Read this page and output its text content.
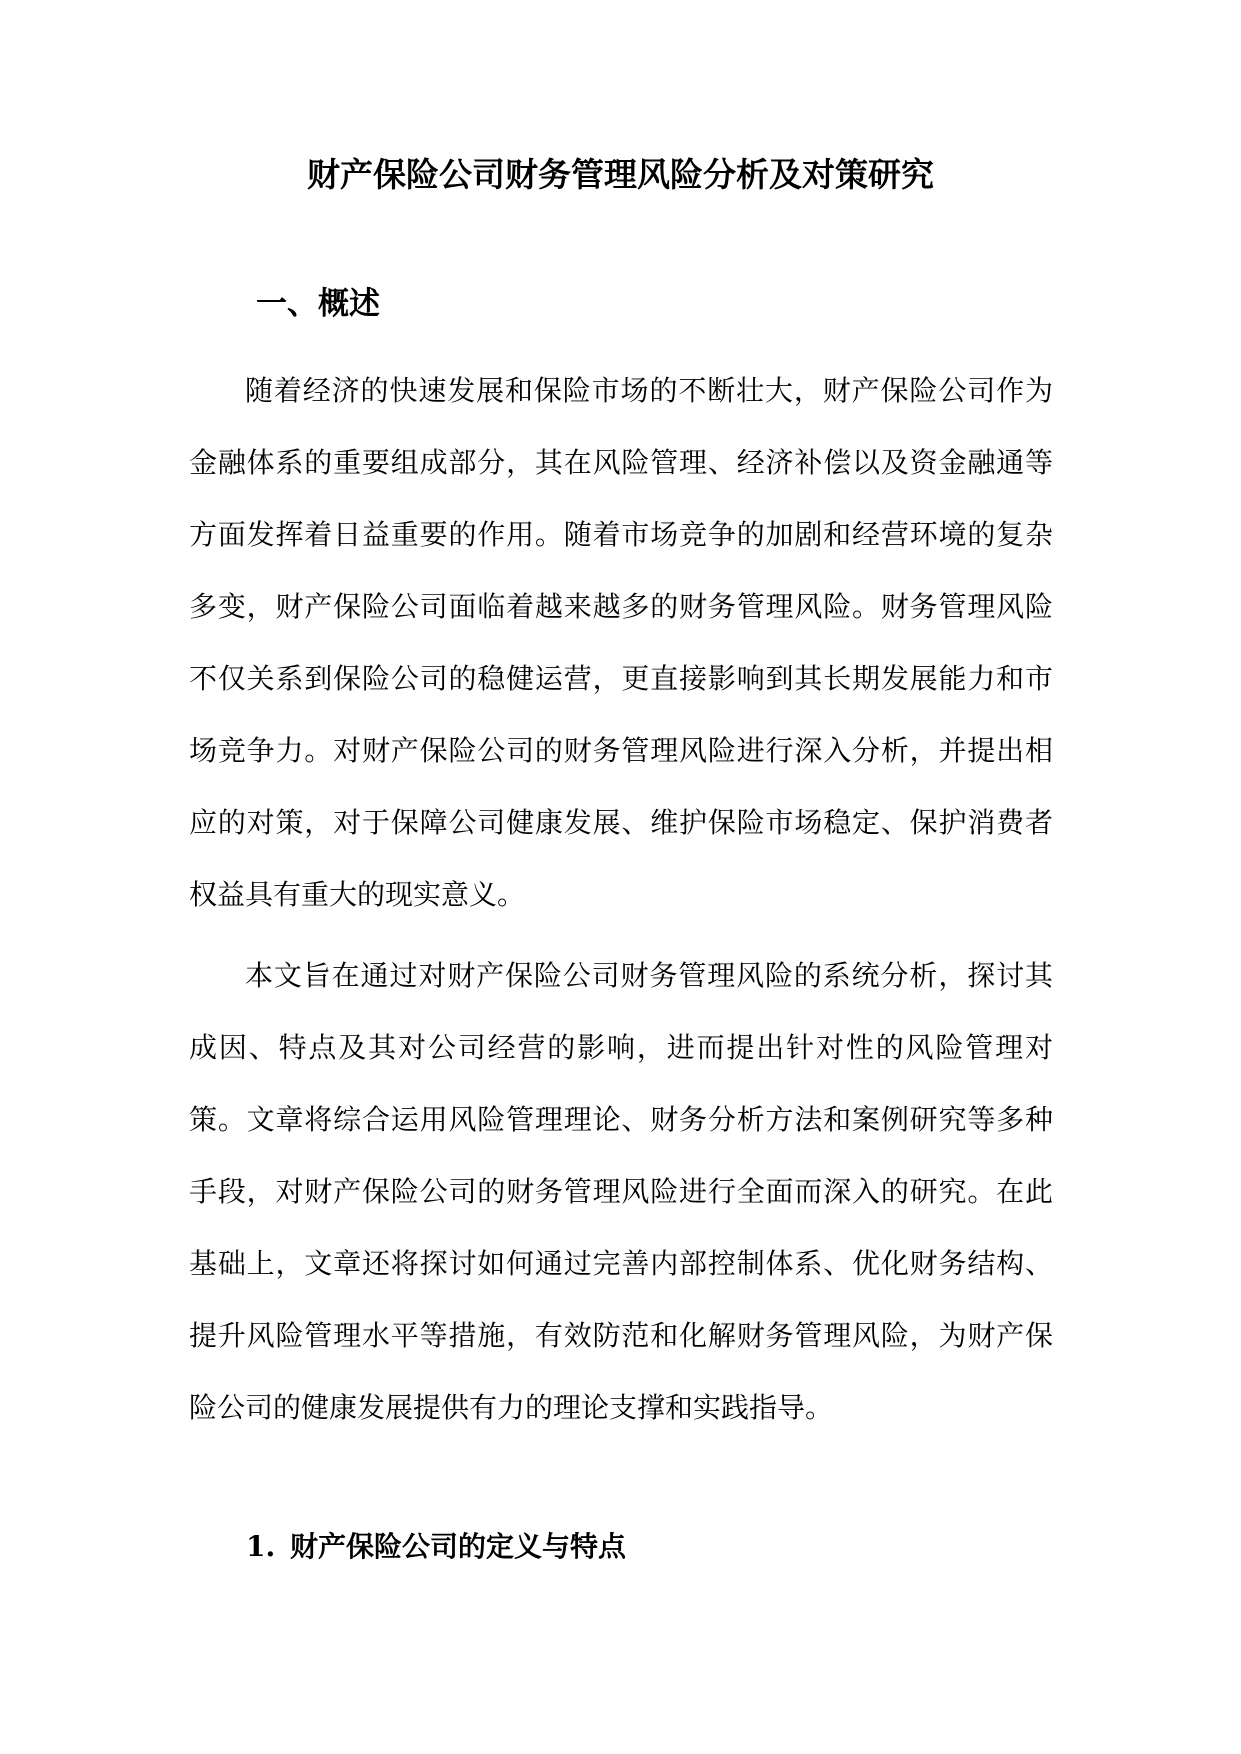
财产保险公司财务管理风险分析及对策研究
一、概述

随着经济的快速发展和保险市场的不断壮大，财产保险公司作为金融体系的重要组成部分，其在风险管理、经济补偿以及资金融通等方面发挥着日益重要的作用。随着市场竞争的加剧和经营环境的复杂多变，财产保险公司面临着越来越多的财务管理风险。财务管理风险不仅关系到保险公司的稳健运营，更直接影响到其长期发展能力和市场竞争力。对财产保险公司的财务管理风险进行深入分析，并提出相应的对策，对于保障公司健康发展、维护保险市场稳定、保护消费者权益具有重大的现实意义。

本文旨在通过对财产保险公司财务管理风险的系统分析，探讨其成因、特点及其对公司经营的影响，进而提出针对性的风险管理对策。文章将综合运用风险管理理论、财务分析方法和案例研究等多种手段，对财产保险公司的财务管理风险进行全面而深入的研究。在此基础上，文章还将探讨如何通过完善内部控制体系、优化财务结构、提升风险管理水平等措施，有效防范和化解财务管理风险，为财产保险公司的健康发展提供有力的理论支撑和实践指导。

1. 财产保险公司的定义与特点
